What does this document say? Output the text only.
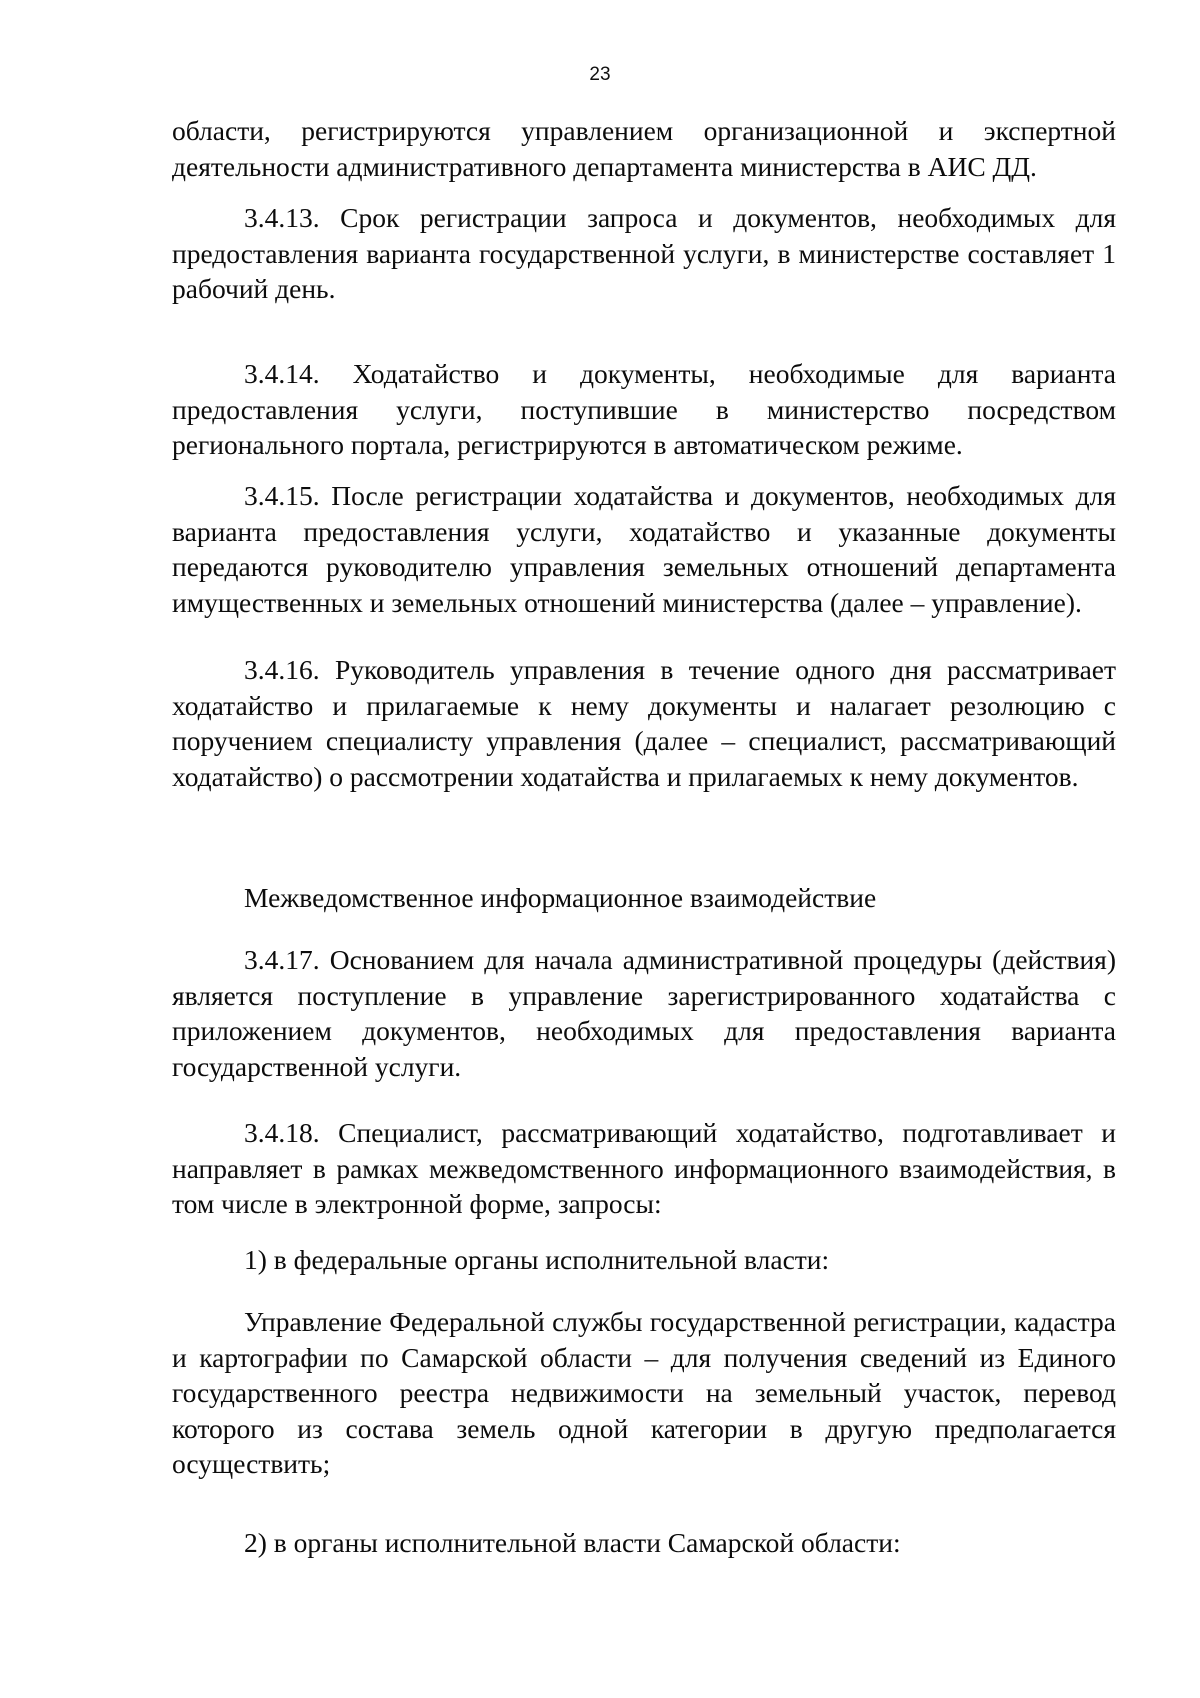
23

области, регистрируются управлением организационной и экспертной деятельности административного департамента министерства в АИС ДД.

3.4.13. Срок регистрации запроса и документов, необходимых для предоставления варианта государственной услуги, в министерстве составляет 1 рабочий день.

3.4.14. Ходатайство и документы, необходимые для варианта предоставления услуги, поступившие в министерство посредством регионального портала, регистрируются в автоматическом режиме.

3.4.15. После регистрации ходатайства и документов, необходимых для варианта предоставления услуги, ходатайство и указанные документы передаются руководителю управления земельных отношений департамента имущественных и земельных отношений министерства (далее – управление).

3.4.16. Руководитель управления в течение одного дня рассматривает ходатайство и прилагаемые к нему документы и налагает резолюцию с поручением специалисту управления (далее – специалист, рассматривающий ходатайство) о рассмотрении ходатайства и прилагаемых к нему документов.

Межведомственное информационное взаимодействие

3.4.17. Основанием для начала административной процедуры (действия) является поступление в управление зарегистрированного ходатайства с приложением документов, необходимых для предоставления варианта государственной услуги.

3.4.18. Специалист, рассматривающий ходатайство, подготавливает и направляет в рамках межведомственного информационного взаимодействия, в том числе в электронной форме, запросы:

1) в федеральные органы исполнительной власти:

Управление Федеральной службы государственной регистрации, кадастра и картографии по Самарской области – для получения сведений из Единого государственного реестра недвижимости на земельный участок, перевод которого из состава земель одной категории в другую предполагается осуществить;

2) в органы исполнительной власти Самарской области:
